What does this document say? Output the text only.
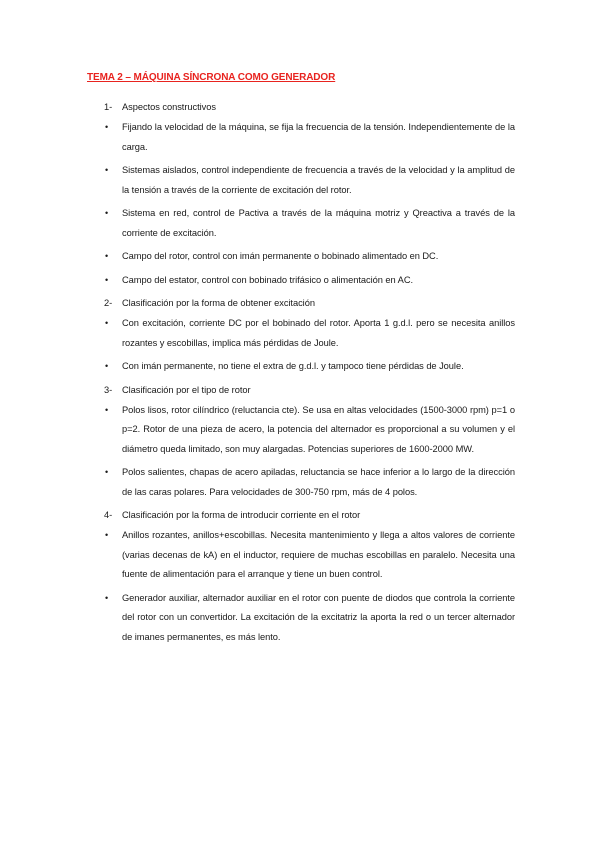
TEMA 2 – MÁQUINA SÍNCRONA COMO GENERADOR
1- Aspectos constructivos
• Fijando la velocidad de la máquina, se fija la frecuencia de la tensión. Independientemente de la carga.
• Sistemas aislados, control independiente de frecuencia a través de la velocidad y la amplitud de la tensión a través de la corriente de excitación del rotor.
• Sistema en red, control de Pactiva a través de la máquina motriz y Qreactiva a través de la corriente de excitación.
• Campo del rotor, control con imán permanente o bobinado alimentado en DC.
• Campo del estator, control con bobinado trifásico o alimentación en AC.
2- Clasificación por la forma de obtener excitación
• Con excitación, corriente DC por el bobinado del rotor. Aporta 1 g.d.l. pero se necesita anillos rozantes y escobillas, implica más pérdidas de Joule.
• Con imán permanente, no tiene el extra de g.d.l. y tampoco tiene pérdidas de Joule.
3- Clasificación por el tipo de rotor
• Polos lisos, rotor cilíndrico (reluctancia cte). Se usa en altas velocidades (1500-3000 rpm) p=1 o p=2. Rotor de una pieza de acero, la potencia del alternador es proporcional a su volumen y el diámetro queda limitado, son muy alargadas. Potencias superiores de 1600-2000 MW.
• Polos salientes, chapas de acero apiladas, reluctancia se hace inferior a lo largo de la dirección de las caras polares. Para velocidades de 300-750 rpm, más de 4 polos.
4- Clasificación por la forma de introducir corriente en el rotor
• Anillos rozantes, anillos+escobillas. Necesita mantenimiento y llega a altos valores de corriente (varias decenas de kA) en el inductor, requiere de muchas escobillas en paralelo. Necesita una fuente de alimentación para el arranque y tiene un buen control.
• Generador auxiliar, alternador auxiliar en el rotor con puente de diodos que controla la corriente del rotor con un convertidor. La excitación de la excitatriz la aporta la red o un tercer alternador de imanes permanentes, es más lento.
